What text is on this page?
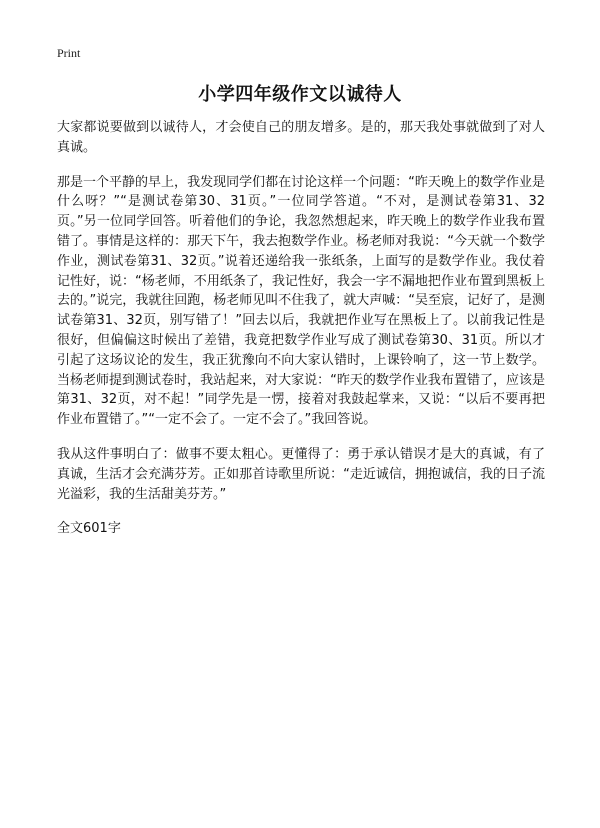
Print
小学四年级作文以诚待人

大家都说要做到以诚待人，才会使自己的朋友增多。是的，那天我处事就做到了对人真诚。

那是一个平静的早上，我发现同学们都在讨论这样一个问题：“昨天晚上的数学作业是什么呀？”“是测试卷第30、31页。”一位同学答道。“不对，是测试卷第31、32页。”另一位同学回答。听着他们的争论，我忽然想起来，昨天晚上的数学作业我布置错了。事情是这样的：那天下午，我去抱数学作业。杨老师对我说：“今天就一个数学作业，测试卷第31、32页。”说着还递给我一张纸条，上面写的是数学作业。我仗着记性好，说：“杨老师，不用纸条了，我记性好，我会一字不漏地把作业布置到黑板上去的。”说完，我就往回跑，杨老师见叫不住我了，就大声喊：“吴至宸，记好了，是测试卷第31、32页，别写错了！”回去以后，我就把作业写在黑板上了。以前我记性是很好，但偏偏这时候出了差错，我竟把数学作业写成了测试卷第30、31页。所以才引起了这场议论的发生，我正犹豫向不向大家认错时，上课铃响了，这一节上数学。当杨老师提到测试卷时，我站起来，对大家说：“昨天的数学作业我布置错了，应该是第31、32页，对不起！”同学先是一愣，接着对我鼓起掌来，又说：“以后不要再把作业布置错了。”“一定不会了。一定不会了。”我回答说。

我从这件事明白了：做事不要太粗心。更懂得了：勇于承认错误才是大的真诚，有了真诚，生活才会充满芬芳。正如那首诗歌里所说：“走近诚信，拥抱诚信，我的日子流光溢彩，我的生活甜美芬芳。”

全文601字
